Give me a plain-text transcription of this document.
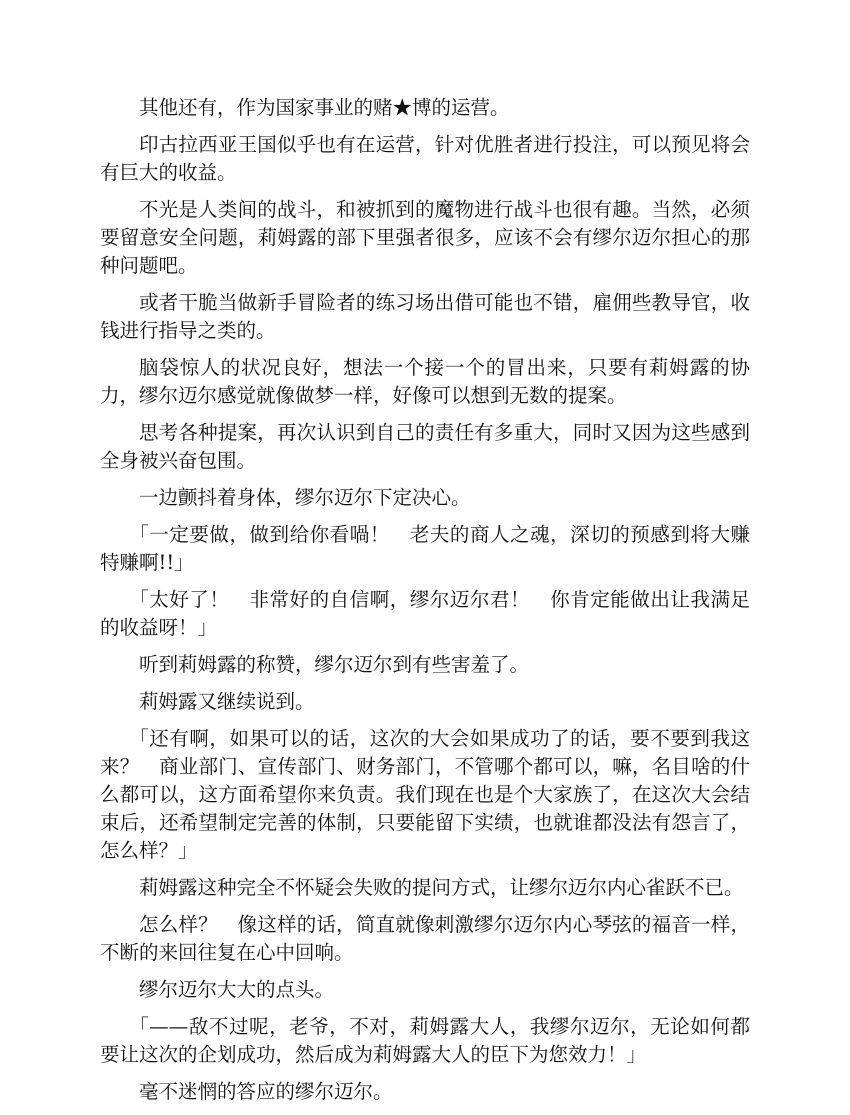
其他还有，作为国家事业的赌★博的运营。

印古拉西亚王国似乎也有在运营，针对优胜者进行投注，可以预见将会有巨大的收益。

不光是人类间的战斗，和被抓到的魔物进行战斗也很有趣。当然，必须要留意安全问题，莉姆露的部下里强者很多，应该不会有缪尔迈尔担心的那种问题吧。

或者干脆当做新手冒险者的练习场出借可能也不错，雇佣些教导官，收钱进行指导之类的。

脑袋惊人的状况良好，想法一个接一个的冒出来，只要有莉姆露的协力，缪尔迈尔感觉就像做梦一样，好像可以想到无数的提案。

思考各种提案，再次认识到自己的责任有多重大，同时又因为这些感到全身被兴奋包围。

一边颤抖着身体，缪尔迈尔下定决心。

「一定要做，做到给你看喎！　老夫的商人之魂，深切的预感到将大赚特赚啊!!」

「太好了！　非常好的自信啊，缪尔迈尔君！　你肯定能做出让我满足的收益呀！」

听到莉姆露的称赞，缪尔迈尔到有些害羞了。

莉姆露又继续说到。

「还有啊，如果可以的话，这次的大会如果成功了的话，要不要到我这来？　商业部门、宣传部门、财务部门，不管哪个都可以，嘛，名目啥的什么都可以，这方面希望你来负责。我们现在也是个大家族了，在这次大会结束后，还希望制定完善的体制，只要能留下实绩，也就谁都没法有怨言了，怎么样？」

莉姆露这种完全不怀疑会失败的提问方式，让缪尔迈尔内心雀跃不已。

怎么样？　像这样的话，简直就像刺激缪尔迈尔内心琴弦的福音一样，不断的来回往复在心中回响。

缪尔迈尔大大的点头。

「——敌不过呢，老爷，不对，莉姆露大人，我缪尔迈尔，无论如何都要让这次的企划成功，然后成为莉姆露大人的臣下为您效力！」

毫不迷惘的答应的缪尔迈尔。
